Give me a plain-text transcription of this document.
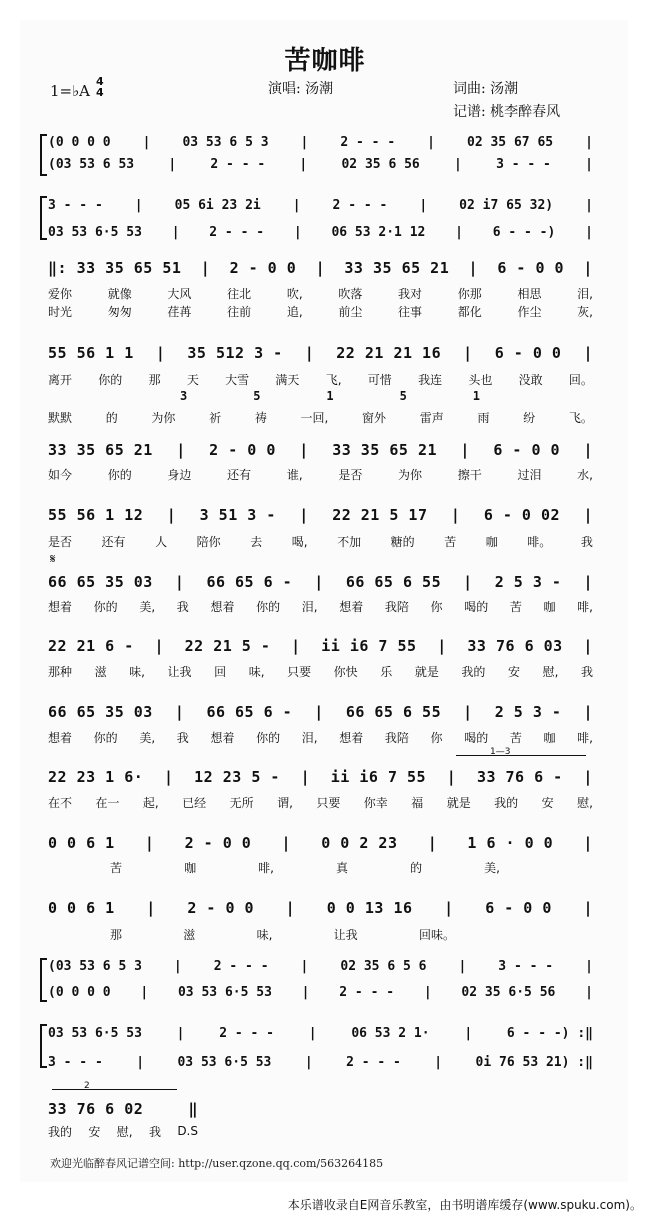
苦咖啡
1=♭A
4
4	演唱: 汤潮	词曲: 汤潮
记谱: 桃李醉春风
(0 0 0 0 | 03 53 6 5 3 | 2 - - - | 02 35 67 65 |
(03 53 6 53	|	2 - - -	|	02 35 6 56	|	3 - - -	|
3 - - - | 05 6i 23 2i | 2 - - - | 02 i7 65 32) |
03 53 6·5 53 | 2 - - - | 06 53 2·1 12 | 6 - - -) |
‖: 33 35 65 51 | 2 - 0 0 | 33 35 65 21 | 6 - 0 0 |
爱你	就像	大风	往北	吹,	吹落	我对	你那	相思	泪,
时光	匆匆	荏苒	往前	追,	前尘	往事	都化	作尘	灰,
55 56 1 1 | 35 512 3 - | 22 21 21 16 | 6 - 0 0 |
离开 你的 那 天 大雪 满天 飞, 可惜 我连 头也 没敢 回。
3	5	1	5	1
默默	的	为你	祈	祷	一回,	窗外	雷声	雨	纷	飞。
33 35 65 21 | 2 - 0 0 | 33 35 65 21 | 6 - 0 0 |
如今	你的	身边	还有	谁,	是否	为你	擦干	过泪	水,
55 56 1 12 | 3 51 3 - | 22 21 5 17 | 6 - 0 02 |
是否 还有 人 陪你 去 喝, 不加 糖的 苦 咖 啡。 我
𝄋
66 65 35 03 | 66 65 6 - | 66 65 6 55 | 2 5 3 - |
想着 你的 美, 我 想着 你的 泪, 想着 我陪 你 喝的 苦 咖 啡,
22 21 6 - | 22 21 5 - | ii i6 7 55 | 33 76 6 03 |
那种 滋 味, 让我 回 味, 只要 你快 乐 就是 我的 安 慰, 我
66 65 35 03 | 66 65 6 - | 66 65 6 55 | 2 5 3 - |
想着 你的 美, 我 想着 你的 泪, 想着 我陪 你 喝的 苦 咖 啡,
1—3
22 23 1 6· | 12 23 5 - | ii i6 7 55 | 33 76 6 - |
在不 在一 起, 已经 无所 谓, 只要 你幸 福 就是 我的 安 慰,
0 0 6 1 | 2 - 0 0 | 0 0 2 23 | 1 6 · 0 0 |
苦	咖	啡,	真	的	美,
0 0 6 1 | 2 - 0 0 | 0 0 13 16 | 6 - 0 0 |
那	滋	味,	让我	回味。
(03 53 6 5 3 | 2 - - - | 02 35 6 5 6 | 3 - - - |
(0 0 0 0 | 03 53 6·5 53 | 2 - - - | 02 35 6·5 56 |
03 53 6·5 53	|	2 - - -	|	06 53 2 1·	|	6 - - -) :‖
3 - - -	|	03 53 6·5 53	|	2 - - -	|	0i 76 53 21) :‖
2
33 76 6 02	‖
我的 安 慰, 我 D.S
欢迎光临醉春风记谱空间: http://user.qzone.qq.com/563264185
本乐谱收录自E网音乐教室，由书明谱库缓存(www.spuku.com)。
